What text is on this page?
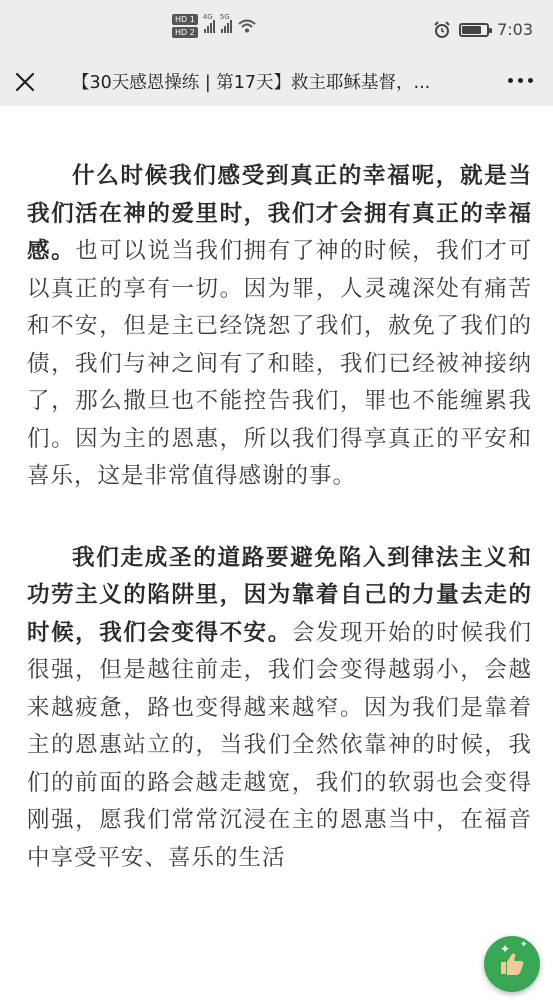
HD 1
HD 2
4G 5G
7:03
【30天感恩操练 | 第17天】救主耶稣基督，...

什么时候我们感受到真正的幸福呢，就是当我们活在神的爱里时，我们才会拥有真正的幸福感。也可以说当我们拥有了神的时候，我们才可以真正的享有一切。因为罪，人灵魂深处有痛苦和不安，但是主已经饶恕了我们，赦免了我们的债，我们与神之间有了和睦，我们已经被神接纳了，那么撒旦也不能控告我们，罪也不能缠累我们。因为主的恩惠，所以我们得享真正的平安和喜乐，这是非常值得感谢的事。

我们走成圣的道路要避免陷入到律法主义和功劳主义的陷阱里，因为靠着自己的力量去走的时候，我们会变得不安。会发现开始的时候我们很强，但是越往前走，我们会变得越弱小，会越来越疲惫，路也变得越来越窄。因为我们是靠着主的恩惠站立的，当我们全然依靠神的时候，我们的前面的路会越走越宽，我们的软弱也会变得刚强，愿我们常常沉浸在主的恩惠当中，在福音中享受平安、喜乐的生活

✦ ✦
